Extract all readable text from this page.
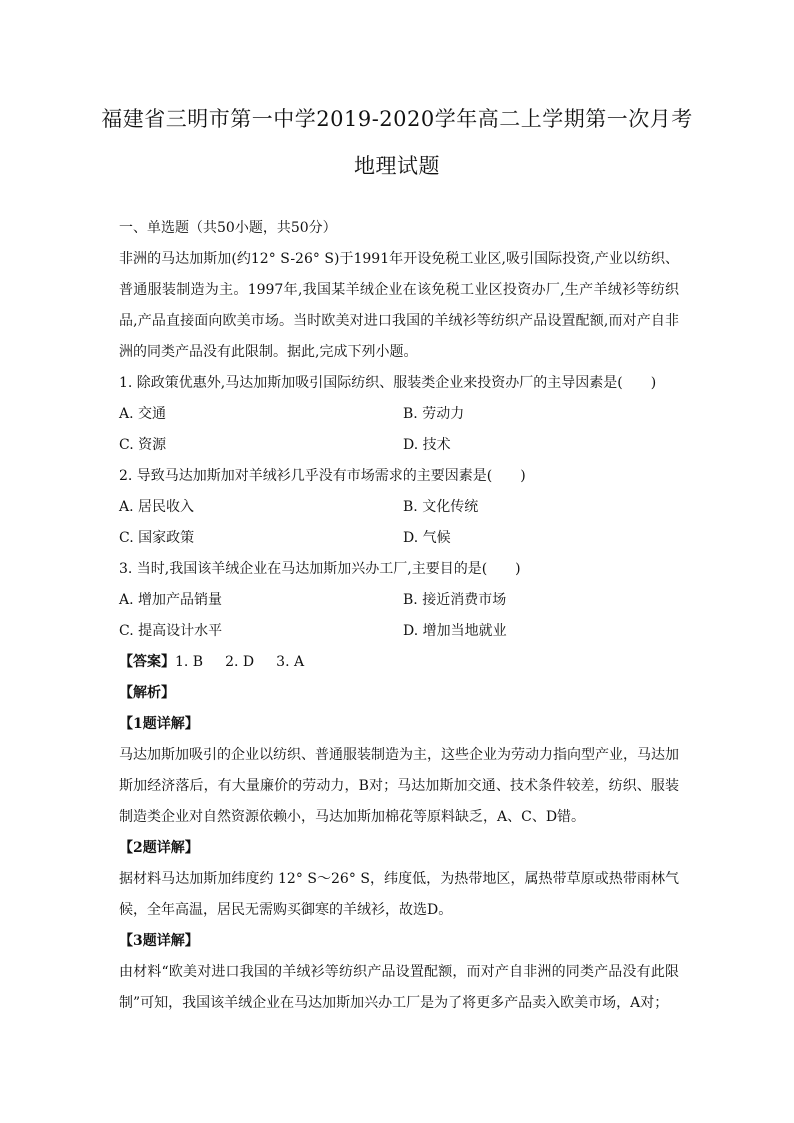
福建省三明市第一中学2019-2020学年高二上学期第一次月考
地理试题

一、单选题（共50小题，共50分）

非洲的马达加斯加(约12° S-26° S)于1991年开设免税工业区,吸引国际投资,产业以纺织、普通服装制造为主。1997年,我国某羊绒企业在该免税工业区投资办厂,生产羊绒衫等纺织品,产品直接面向欧美市场。当时欧美对进口我国的羊绒衫等纺织产品设置配额,而对产自非洲的同类产品没有此限制。据此,完成下列小题。

1. 除政策优惠外,马达加斯加吸引国际纺织、服装类企业来投资办厂的主导因素是(　　)

A. 交通	B. 劳动力
C. 资源	D. 技术

2. 导致马达加斯加对羊绒衫几乎没有市场需求的主要因素是(　　)

A. 居民收入	B. 文化传统
C. 国家政策	D. 气候

3. 当时,我国该羊绒企业在马达加斯加兴办工厂,主要目的是(　　)

A. 增加产品销量	B. 接近消费市场
C. 提高设计水平	D. 增加当地就业

【答案】1. B 2. D 3. A

【解析】

【1题详解】

马达加斯加吸引的企业以纺织、普通服装制造为主，这些企业为劳动力指向型产业，马达加斯加经济落后，有大量廉价的劳动力，B对；马达加斯加交通、技术条件较差，纺织、服装制造类企业对自然资源依赖小，马达加斯加棉花等原料缺乏，A、C、D错。

【2题详解】

据材料马达加斯加纬度约 12° S～26° S，纬度低，为热带地区，属热带草原或热带雨林气候，全年高温，居民无需购买御寒的羊绒衫，故选D。

【3题详解】

由材料“欧美对进口我国的羊绒衫等纺织产品设置配额，而对产自非洲的同类产品没有此限制”可知，我国该羊绒企业在马达加斯加兴办工厂是为了将更多产品卖入欧美市场，A对；
